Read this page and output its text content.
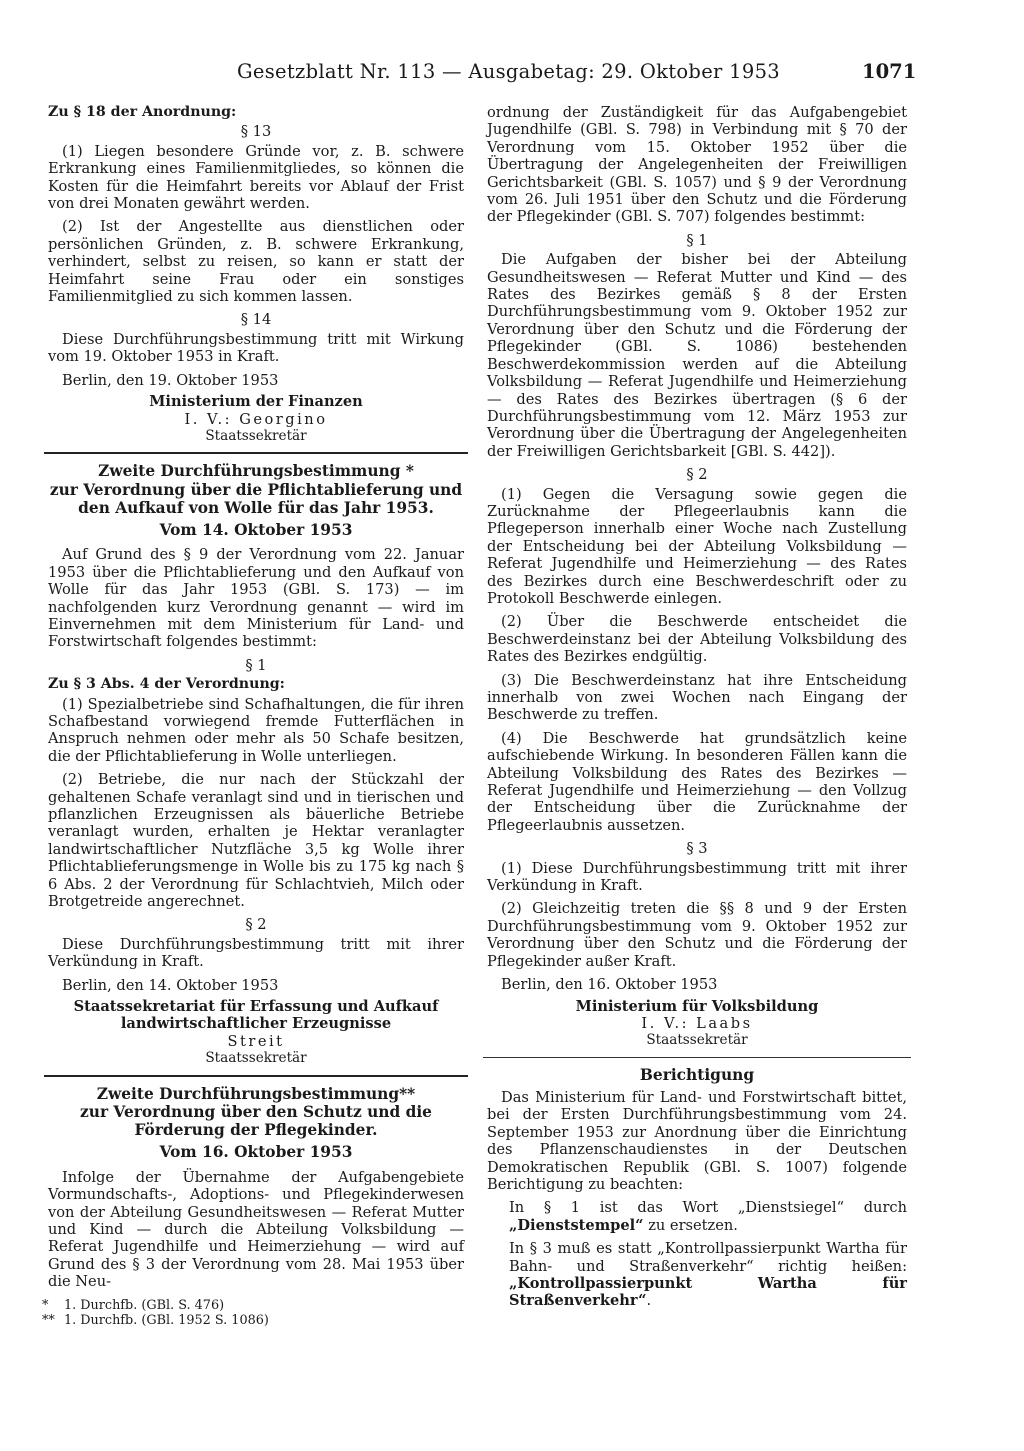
Gesetzblatt Nr. 113 — Ausgabetag: 29. Oktober 1953	1071

Zu § 18 der Anordnung:

§ 13

(1) Liegen besondere Gründe vor, z. B. schwere Erkrankung eines Familienmitgliedes, so können die Kosten für die Heimfahrt bereits vor Ablauf der Frist von drei Monaten gewährt werden.

(2) Ist der Angestellte aus dienstlichen oder persönlichen Gründen, z. B. schwere Erkrankung, verhindert, selbst zu reisen, so kann er statt der Heimfahrt seine Frau oder ein sonstiges Familienmitglied zu sich kommen lassen.

§ 14

Diese Durchführungsbestimmung tritt mit Wirkung vom 19. Oktober 1953 in Kraft.

Berlin, den 19. Oktober 1953

Ministerium der Finanzen

I. V.: Georgino

Staatssekretär

Zweite Durchführungsbestimmung *
zur Verordnung über die Pflichtablieferung und den Aufkauf von Wolle für das Jahr 1953.

Vom 14. Oktober 1953

Auf Grund des § 9 der Verordnung vom 22. Januar 1953 über die Pflichtablieferung und den Aufkauf von Wolle für das Jahr 1953 (GBl. S. 173) — im nachfolgenden kurz Verordnung genannt — wird im Einvernehmen mit dem Ministerium für Land- und Forstwirtschaft folgendes bestimmt:

§ 1

Zu § 3 Abs. 4 der Verordnung:

(1) Spezialbetriebe sind Schafhaltungen, die für ihren Schafbestand vorwiegend fremde Futterflächen in Anspruch nehmen oder mehr als 50 Schafe besitzen, die der Pflichtablieferung in Wolle unterliegen.

(2) Betriebe, die nur nach der Stückzahl der gehaltenen Schafe veranlagt sind und in tierischen und pflanzlichen Erzeugnissen als bäuerliche Betriebe veranlagt wurden, erhalten je Hektar veranlagter landwirtschaftlicher Nutzfläche 3,5 kg Wolle ihrer Pflichtablieferungsmenge in Wolle bis zu 175 kg nach § 6 Abs. 2 der Verordnung für Schlachtvieh, Milch oder Brotgetreide angerechnet.

§ 2

Diese Durchführungsbestimmung tritt mit ihrer Verkündung in Kraft.

Berlin, den 14. Oktober 1953

Staatssekretariat für Erfassung und Aufkauf landwirtschaftlicher Erzeugnisse

Streit

Staatssekretär

Zweite Durchführungsbestimmung**
zur Verordnung über den Schutz und die Förderung der Pflegekinder.

Vom 16. Oktober 1953

Infolge der Übernahme der Aufgabengebiete Vormundschafts-, Adoptions- und Pflegekinderwesen von der Abteilung Gesundheitswesen — Referat Mutter und Kind — durch die Abteilung Volksbildung — Referat Jugendhilfe und Heimerziehung — wird auf Grund des § 3 der Verordnung vom 28. Mai 1953 über die Neu-

* 1. Durchfb. (GBl. S. 476)

** 1. Durchfb. (GBl. 1952 S. 1086)

ordnung der Zuständigkeit für das Aufgabengebiet Jugendhilfe (GBl. S. 798) in Verbindung mit § 70 der Verordnung vom 15. Oktober 1952 über die Übertragung der Angelegenheiten der Freiwilligen Gerichtsbarkeit (GBl. S. 1057) und § 9 der Verordnung vom 26. Juli 1951 über den Schutz und die Förderung der Pflegekinder (GBl. S. 707) folgendes bestimmt:

§ 1

Die Aufgaben der bisher bei der Abteilung Gesundheitswesen — Referat Mutter und Kind — des Rates des Bezirkes gemäß § 8 der Ersten Durchführungsbestimmung vom 9. Oktober 1952 zur Verordnung über den Schutz und die Förderung der Pflegekinder (GBl. S. 1086) bestehenden Beschwerdekommission werden auf die Abteilung Volksbildung — Referat Jugendhilfe und Heimerziehung — des Rates des Bezirkes übertragen (§ 6 der Durchführungsbestimmung vom 12. März 1953 zur Verordnung über die Übertragung der Angelegenheiten der Freiwilligen Gerichtsbarkeit [GBl. S. 442]).

§ 2

(1) Gegen die Versagung sowie gegen die Zurücknahme der Pflegeerlaubnis kann die Pflegeperson innerhalb einer Woche nach Zustellung der Entscheidung bei der Abteilung Volksbildung — Referat Jugendhilfe und Heimerziehung — des Rates des Bezirkes durch eine Beschwerdeschrift oder zu Protokoll Beschwerde einlegen.

(2) Über die Beschwerde entscheidet die Beschwerdeinstanz bei der Abteilung Volksbildung des Rates des Bezirkes endgültig.

(3) Die Beschwerdeinstanz hat ihre Entscheidung innerhalb von zwei Wochen nach Eingang der Beschwerde zu treffen.

(4) Die Beschwerde hat grundsätzlich keine aufschiebende Wirkung. In besonderen Fällen kann die Abteilung Volksbildung des Rates des Bezirkes — Referat Jugendhilfe und Heimerziehung — den Vollzug der Entscheidung über die Zurücknahme der Pflegeerlaubnis aussetzen.

§ 3

(1) Diese Durchführungsbestimmung tritt mit ihrer Verkündung in Kraft.

(2) Gleichzeitig treten die §§ 8 und 9 der Ersten Durchführungsbestimmung vom 9. Oktober 1952 zur Verordnung über den Schutz und die Förderung der Pflegekinder außer Kraft.

Berlin, den 16. Oktober 1953

Ministerium für Volksbildung

I. V.: Laabs

Staatssekretär

Berichtigung

Das Ministerium für Land- und Forstwirtschaft bittet, bei der Ersten Durchführungsbestimmung vom 24. September 1953 zur Anordnung über die Einrichtung des Pflanzenschaudienstes in der Deutschen Demokratischen Republik (GBl. S. 1007) folgende Berichtigung zu beachten:

In § 1 ist das Wort „Dienstsiegel“ durch „Dienststempel“ zu ersetzen.

In § 3 muß es statt „Kontrollpassierpunkt Wartha für Bahn- und Straßenverkehr“ richtig heißen: „Kontrollpassierpunkt Wartha für Straßenverkehr“.
